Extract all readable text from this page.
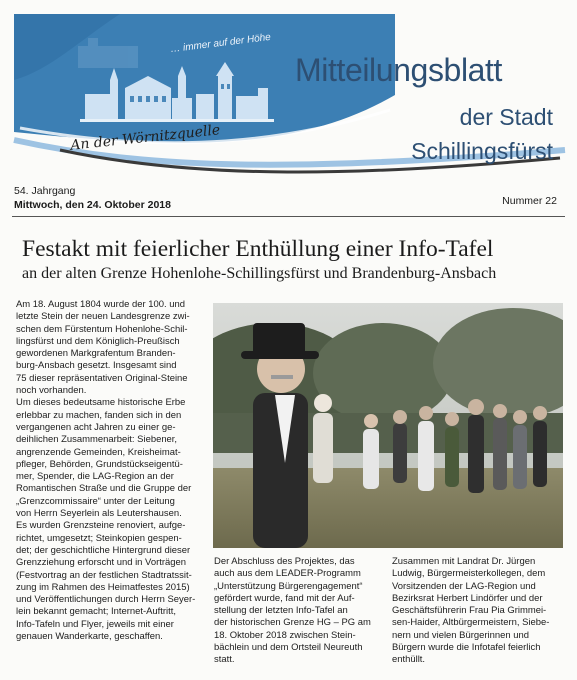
… immer auf der Höhe
An der Wörnitzquelle
Mitteilungsblatt
der Stadt
Schillingsfürst
54. Jahrgang
Mittwoch, den 24. Oktober 2018	Nummer 22
Festakt mit feierlicher Enthüllung einer Info-Tafel
an der alten Grenze Hohenlohe-Schillingsfürst und Brandenburg-Ansbach

Am 18. August 1804 wurde der 100. und

letzte Stein der neuen Landesgrenze zwi-

schen dem Fürstentum Hohenlohe-Schil-

lingsfürst und dem Königlich-Preußisch

gewordenen Markgrafentum Branden-

burg-Ansbach gesetzt. Insgesamt sind

75 dieser repräsentativen Original-Steine

noch vorhanden.

Um dieses bedeutsame historische Erbe

erlebbar zu machen, fanden sich in den

vergangenen acht Jahren zu einer ge-

deihlichen Zusammenarbeit: Siebener,

angrenzende Gemeinden, Kreisheimat-

pfleger, Behörden, Grundstückseigentü-

mer, Spender, die LAG-Region an der

Romantischen Straße und die Gruppe der

„Grenzcommissaire“ unter der Leitung

von Herrn Seyerlein als Leutershausen.

Es wurden Grenzsteine renoviert, aufge-

richtet, umgesetzt; Steinkopien gespen-

det; der geschichtliche Hintergrund dieser

Grenzziehung erforscht und in Vorträgen

(Festvortrag an der festlichen Stadtratssit-

zung im Rahmen des Heimatfestes 2015)

und Veröffentlichungen durch Herrn Seyer-

lein bekannt gemacht; Internet-Auftritt,

Info-Tafeln und Flyer, jeweils mit einer

genauen Wanderkarte, geschaffen.

Der Abschluss des Projektes, das

auch aus dem LEADER-Programm

„Unterstützung Bürgerengagement“

gefördert wurde, fand mit der Auf-

stellung der letzten Info-Tafel an

der historischen Grenze HG – PG am

18. Oktober 2018 zwischen Stein-

bächlein und dem Ortsteil Neureuth

statt.

Zusammen mit Landrat Dr. Jürgen

Ludwig, Bürgermeisterkollegen, dem

Vorsitzenden der LAG-Region und

Bezirksrat Herbert Lindörfer und der

Geschäftsführerin Frau Pia Grimmei-

sen-Haider, Altbürgermeistern, Siebe-

nern und vielen Bürgerinnen und

Bürgern wurde die Infotafel feierlich

enthüllt.
